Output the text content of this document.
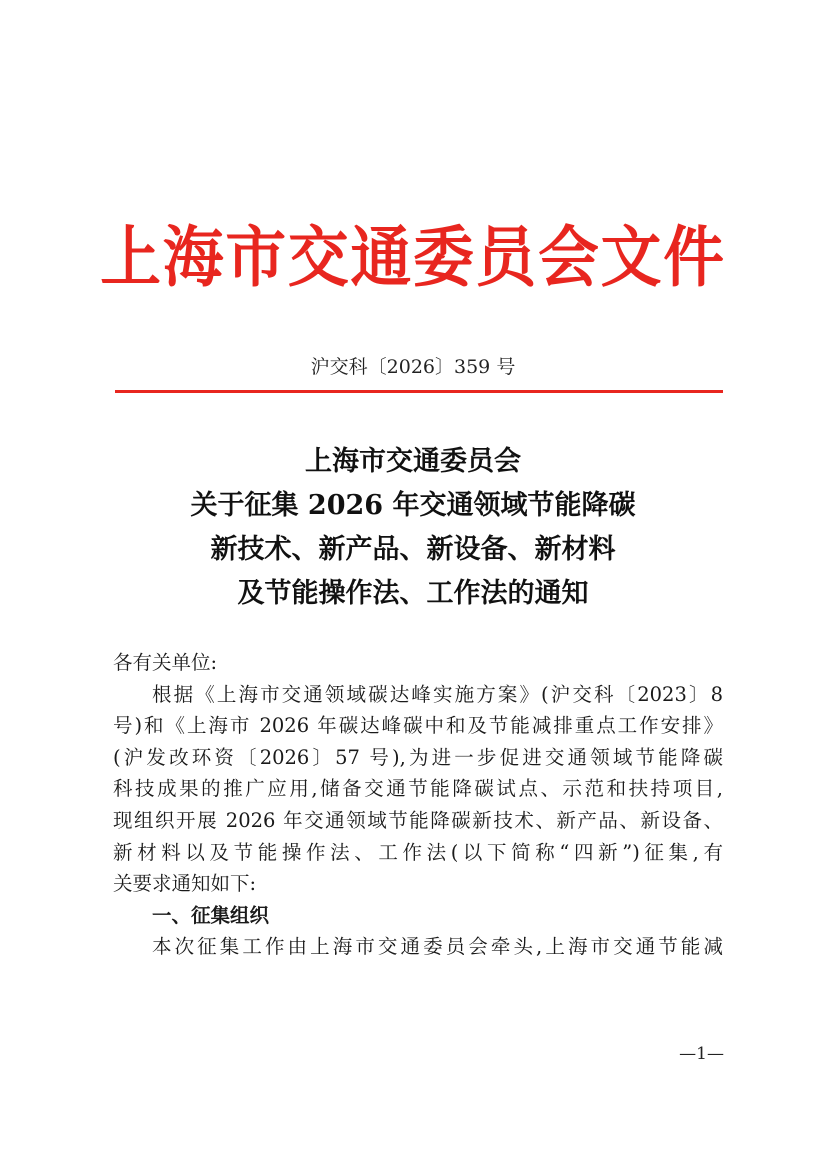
上海市交通委员会文件
沪交科〔2026〕359 号
上海市交通委员会
关于征集 2026 年交通领域节能降碳
新技术、新产品、新设备、新材料
及节能操作法、工作法的通知
各有关单位:
根据《上海市交通领域碳达峰实施方案》(沪交科〔2023〕8
号)和《上海市 2026 年碳达峰碳中和及节能减排重点工作安排》
(沪发改环资〔2026〕57 号),为进一步促进交通领域节能降碳
科技成果的推广应用,储备交通节能降碳试点、示范和扶持项目,
现组织开展 2026 年交通领域节能降碳新技术、新产品、新设备、
新材料以及节能操作法、工作法(以下简称“四新”)征集,有
关要求通知如下:
一、征集组织
本次征集工作由上海市交通委员会牵头,上海市交通节能减
—1—
